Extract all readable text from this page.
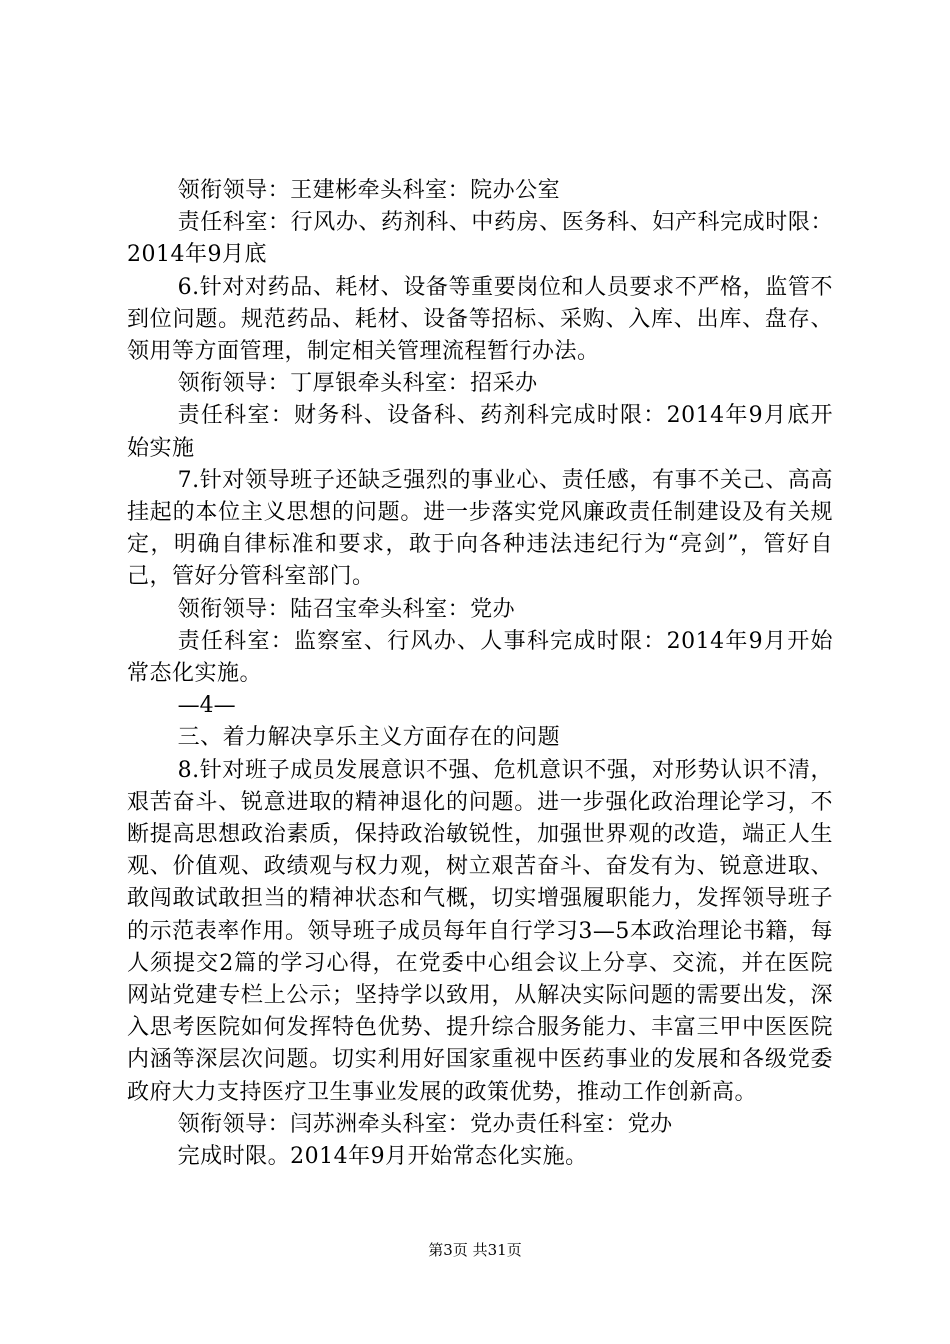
领衔领导：王建彬牵头科室：院办公室

责任科室：行风办、药剂科、中药房、医务科、妇产科完成时限：2014年9月底

6.针对对药品、耗材、设备等重要岗位和人员要求不严格，监管不到位问题。规范药品、耗材、设备等招标、采购、入库、出库、盘存、领用等方面管理，制定相关管理流程暂行办法。

领衔领导：丁厚银牵头科室：招采办

责任科室：财务科、设备科、药剂科完成时限：2014年9月底开始实施

7.针对领导班子还缺乏强烈的事业心、责任感，有事不关己、高高挂起的本位主义思想的问题。进一步落实党风廉政责任制建设及有关规定，明确自律标准和要求，敢于向各种违法违纪行为“亮剑”，管好自己，管好分管科室部门。

领衔领导：陆召宝牵头科室：党办

责任科室：监察室、行风办、人事科完成时限：2014年9月开始常态化实施。

—4—

三、着力解决享乐主义方面存在的问题

8.针对班子成员发展意识不强、危机意识不强，对形势认识不清，艰苦奋斗、锐意进取的精神退化的问题。进一步强化政治理论学习，不断提高思想政治素质，保持政治敏锐性，加强世界观的改造，端正人生观、价值观、政绩观与权力观，树立艰苦奋斗、奋发有为、锐意进取、敢闯敢试敢担当的精神状态和气概，切实增强履职能力，发挥领导班子的示范表率作用。领导班子成员每年自行学习3—5本政治理论书籍，每人须提交2篇的学习心得，在党委中心组会议上分享、交流，并在医院网站党建专栏上公示；坚持学以致用，从解决实际问题的需要出发，深入思考医院如何发挥特色优势、提升综合服务能力、丰富三甲中医医院内涵等深层次问题。切实利用好国家重视中医药事业的发展和各级党委政府大力支持医疗卫生事业发展的政策优势，推动工作创新高。

领衔领导：闫苏洲牵头科室：党办责任科室：党办

完成时限。2014年9月开始常态化实施。

第3页 共31页
